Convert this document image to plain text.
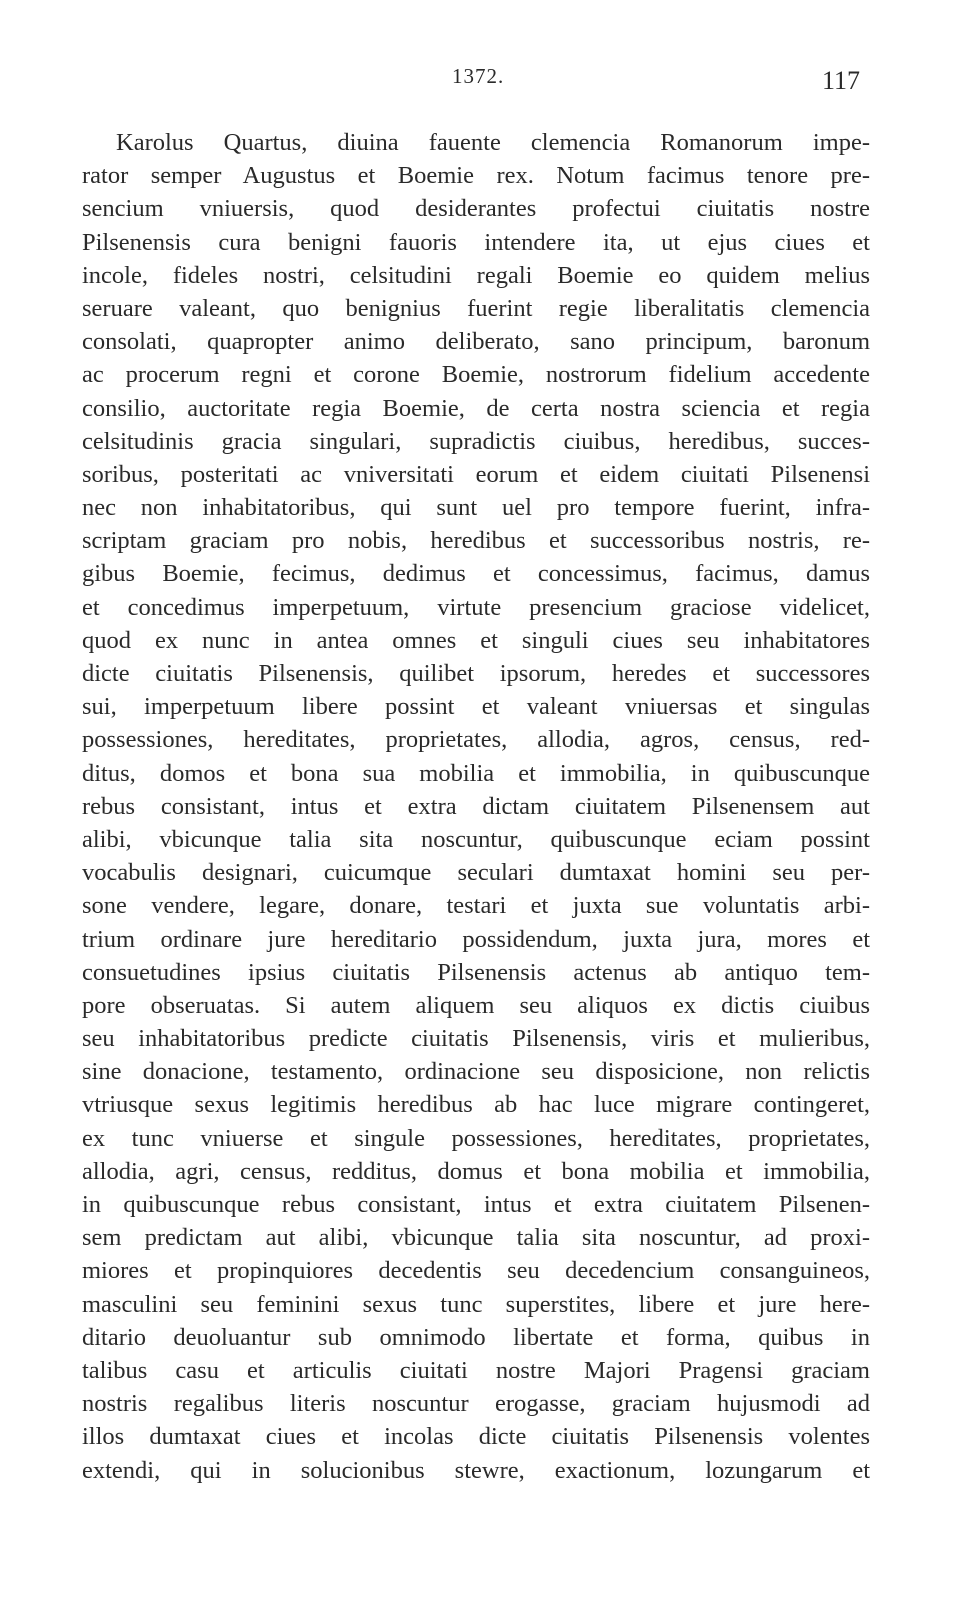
1372.	117
Karolus Quartus, diuina fauente clemencia Romanorum impe-
rator semper Augustus et Boemie rex. Notum facimus tenore pre-
sencium vniuersis, quod desiderantes profectui ciuitatis nostre
Pilsenensis cura benigni fauoris intendere ita, ut ejus ciues et
incole, fideles nostri, celsitudini regali Boemie eo quidem melius
seruare valeant, quo benignius fuerint regie liberalitatis clemencia
consolati, quapropter animo deliberato, sano principum, baronum
ac procerum regni et corone Boemie, nostrorum fidelium accedente
consilio, auctoritate regia Boemie, de certa nostra sciencia et regia
celsitudinis gracia singulari, supradictis ciuibus, heredibus, succes-
soribus, posteritati ac vniversitati eorum et eidem ciuitati Pilsenensi
nec non inhabitatoribus, qui sunt uel pro tempore fuerint, infra-
scriptam graciam pro nobis, heredibus et successoribus nostris, re-
gibus Boemie, fecimus, dedimus et concessimus, facimus, damus
et concedimus imperpetuum, virtute presencium graciose videlicet,
quod ex nunc in antea omnes et singuli ciues seu inhabitatores
dicte ciuitatis Pilsenensis, quilibet ipsorum, heredes et successores
sui, imperpetuum libere possint et valeant vniuersas et singulas
possessiones, hereditates, proprietates, allodia, agros, census, red-
ditus, domos et bona sua mobilia et immobilia, in quibuscunque
rebus consistant, intus et extra dictam ciuitatem Pilsenensem aut
alibi, vbicunque talia sita noscuntur, quibuscunque eciam possint
vocabulis designari, cuicumque seculari dumtaxat homini seu per-
sone vendere, legare, donare, testari et juxta sue voluntatis arbi-
trium ordinare jure hereditario possidendum, juxta jura, mores et
consuetudines ipsius ciuitatis Pilsenensis actenus ab antiquo tem-
pore obseruatas. Si autem aliquem seu aliquos ex dictis ciuibus
seu inhabitatoribus predicte ciuitatis Pilsenensis, viris et mulieribus,
sine donacione, testamento, ordinacione seu disposicione, non relictis
vtriusque sexus legitimis heredibus ab hac luce migrare contingeret,
ex tunc vniuerse et singule possessiones, hereditates, proprietates,
allodia, agri, census, redditus, domus et bona mobilia et immobilia,
in quibuscunque rebus consistant, intus et extra ciuitatem Pilsenen-
sem predictam aut alibi, vbicunque talia sita noscuntur, ad proxi-
miores et propinquiores decedentis seu decedencium consanguineos,
masculini seu feminini sexus tunc superstites, libere et jure here-
ditario deuoluantur sub omnimodo libertate et forma, quibus in
talibus casu et articulis ciuitati nostre Majori Pragensi graciam
nostris regalibus literis noscuntur erogasse, graciam hujusmodi ad
illos dumtaxat ciues et incolas dicte ciuitatis Pilsenensis volentes
extendi, qui in solucionibus stewre, exactionum, lozungarum et
